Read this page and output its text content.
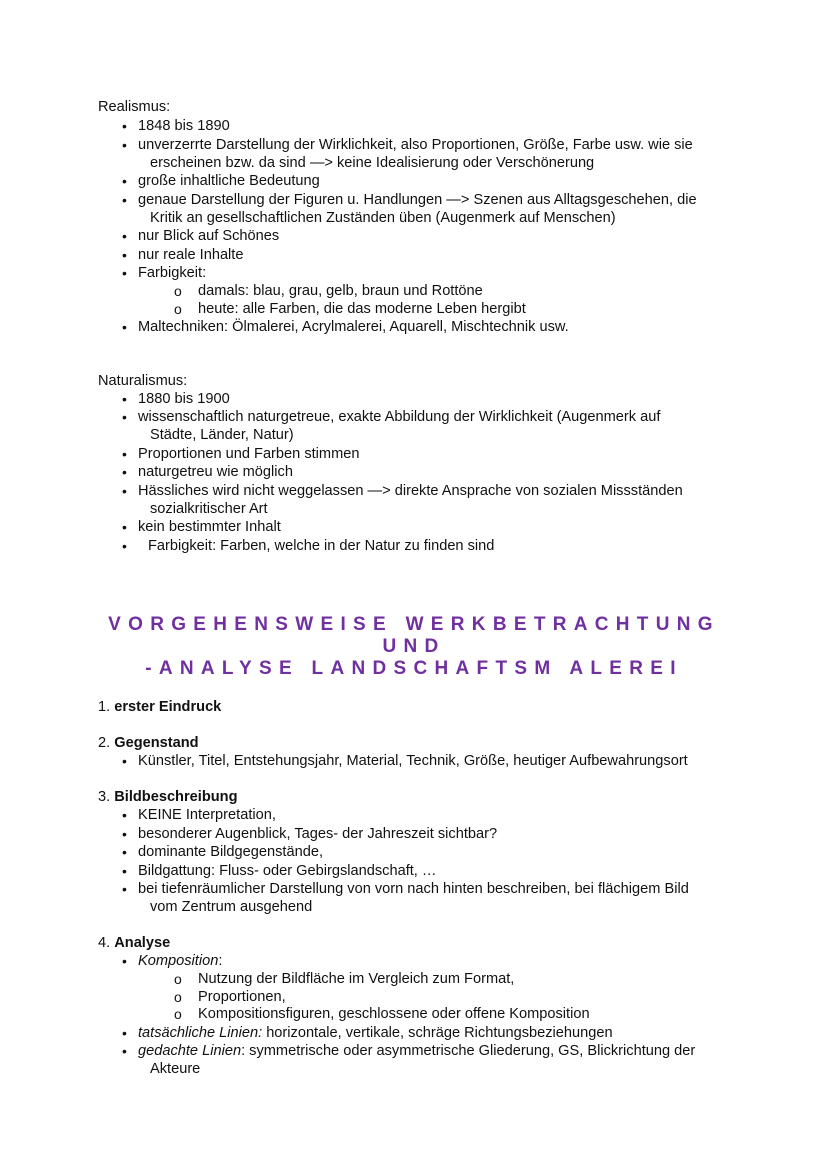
Realismus:
• 1848 bis 1890
• unverzerrte Darstellung der Wirklichkeit, also Proportionen, Größe, Farbe usw. wie sie
erscheinen bzw. da sind —> keine Idealisierung oder Verschönerung
• große inhaltliche Bedeutung
• genaue Darstellung der Figuren u. Handlungen —> Szenen aus Alltagsgeschehen, die
Kritik an gesellschaftlichen Zuständen üben (Augenmerk auf Menschen)
• nur Blick auf Schönes
• nur reale Inhalte
• Farbigkeit:
o damals: blau, grau, gelb, braun und Rottöne
o heute: alle Farben, die das moderne Leben hergibt
• Maltechniken: Ölmalerei, Acrylmalerei, Aquarell, Mischtechnik usw.
Naturalismus:
• 1880 bis 1900
• wissenschaftlich naturgetreue, exakte Abbildung der Wirklichkeit (Augenmerk auf
Städte, Länder, Natur)
• Proportionen und Farben stimmen
• naturgetreu wie möglich
• Hässliches wird nicht weggelassen —> direkte Ansprache von sozialen Missständen
sozialkritischer Art
• kein bestimmter Inhalt
• Farbigkeit: Farben, welche in der Natur zu finden sind
VORGEHENSWEISE WERKBETRACHTUNG
UND
-ANALYSE LANDSCHAFTSM ALEREI
1. erster Eindruck
2. Gegenstand
• Künstler, Titel, Entstehungsjahr, Material, Technik, Größe, heutiger Aufbewahrungsort
3. Bildbeschreibung
• KEINE Interpretation,
• besonderer Augenblick, Tages- der Jahreszeit sichtbar?
• dominante Bildgegenstände,
• Bildgattung: Fluss- oder Gebirgslandschaft, …
• bei tiefenräumlicher Darstellung von vorn nach hinten beschreiben, bei flächigem Bild
vom Zentrum ausgehend
4. Analyse
• Komposition:
o Nutzung der Bildfläche im Vergleich zum Format,
o Proportionen,
o Kompositionsfiguren, geschlossene oder offene Komposition
• tatsächliche Linien: horizontale, vertikale, schräge Richtungsbeziehungen
• gedachte Linien: symmetrische oder asymmetrische Gliederung, GS, Blickrichtung der
Akteure
